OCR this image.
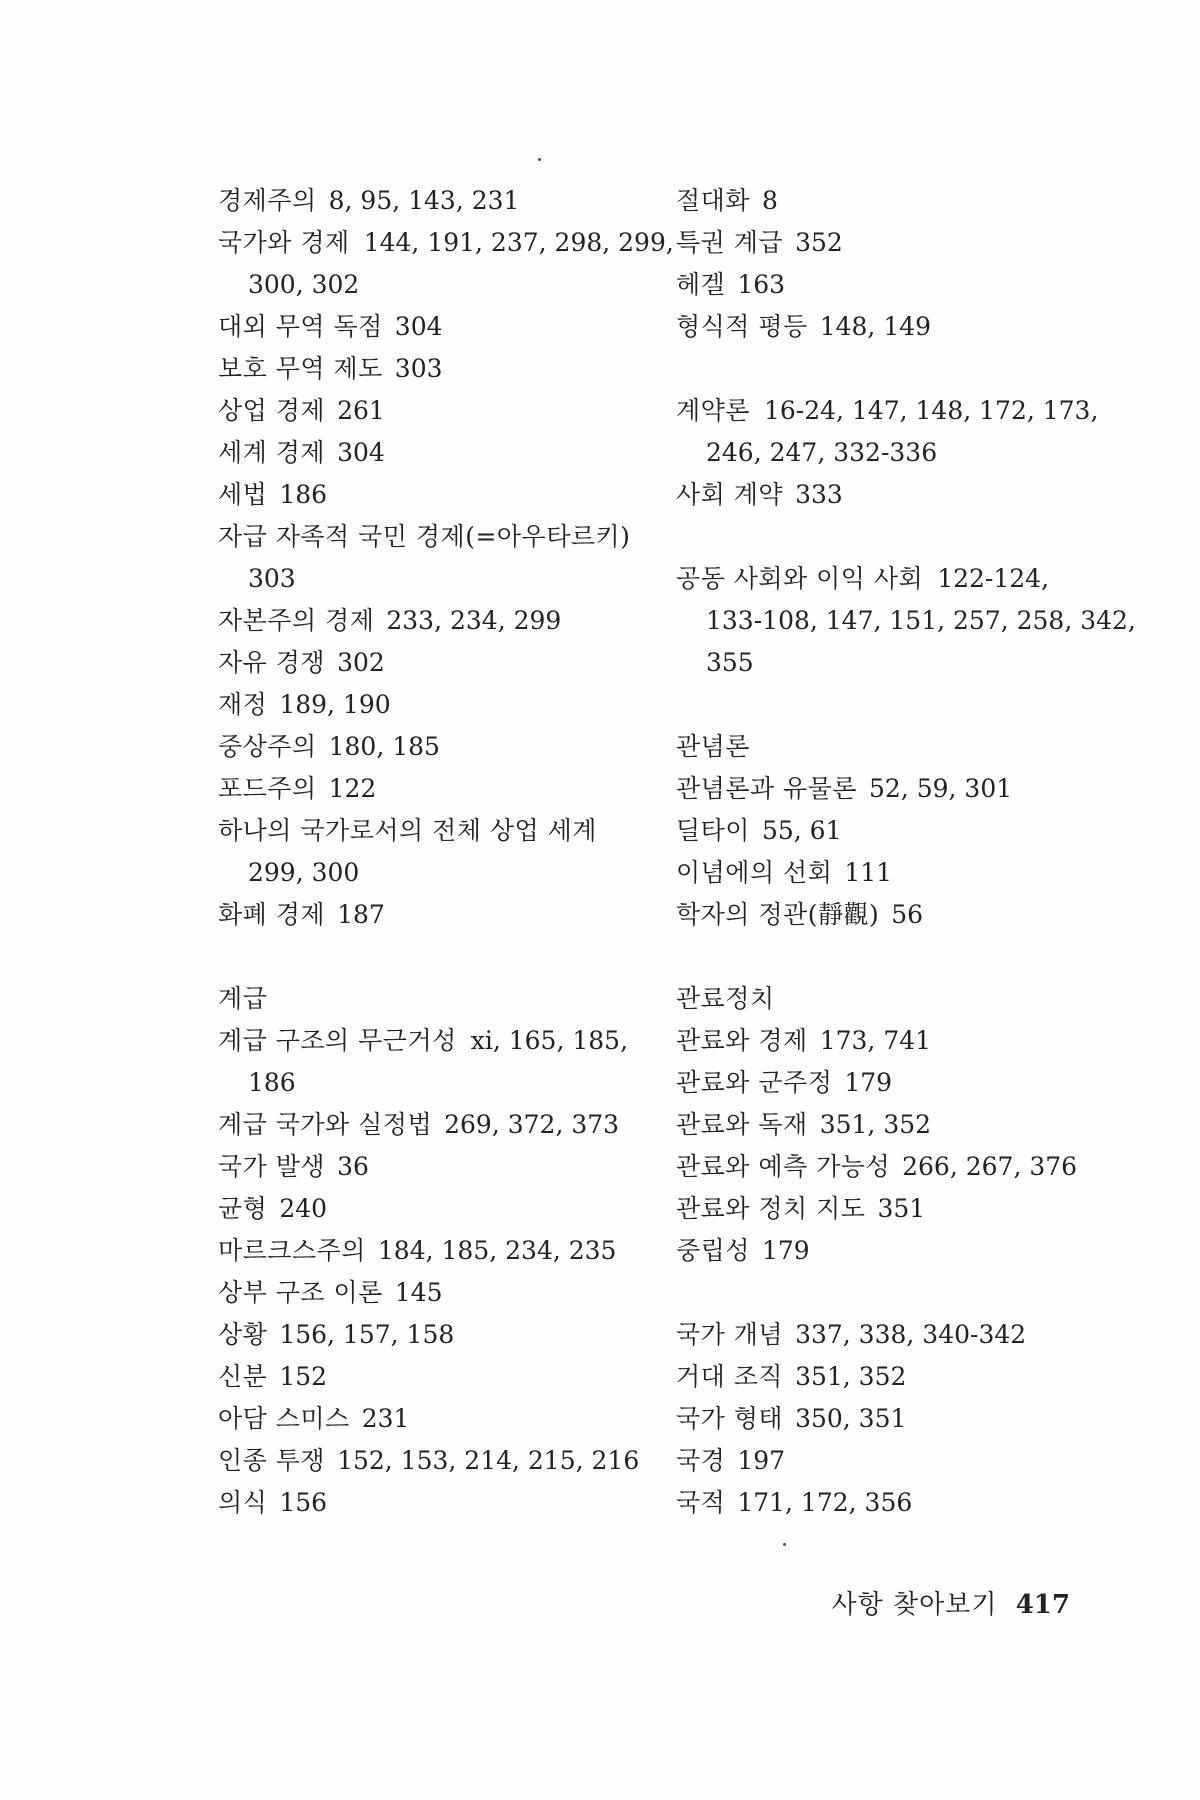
경제주의 8, 95, 143, 231
국가와 경제 144, 191, 237, 298, 299,
300, 302
대외 무역 독점 304
보호 무역 제도 303
상업 경제 261
세계 경제 304
세법 186
자급 자족적 국민 경제(=아우타르키)
303
자본주의 경제 233, 234, 299
자유 경쟁 302
재정 189, 190
중상주의 180, 185
포드주의 122
하나의 국가로서의 전체 상업 세계
299, 300
화폐 경제 187
계급
계급 구조의 무근거성 xi, 165, 185,
186
계급 국가와 실정법 269, 372, 373
국가 발생 36
균형 240
마르크스주의 184, 185, 234, 235
상부 구조 이론 145
상황 156, 157, 158
신분 152
아담 스미스 231
인종 투쟁 152, 153, 214, 215, 216
의식 156
절대화 8
특권 계급 352
헤겔 163
형식적 평등 148, 149
계약론 16-24, 147, 148, 172, 173,
246, 247, 332-336
사회 계약 333
공동 사회와 이익 사회 122-124,
133-108, 147, 151, 257, 258, 342,
355
관념론
관념론과 유물론 52, 59, 301
딜타이 55, 61
이념에의 선회 111
학자의 정관(靜觀) 56
관료정치
관료와 경제 173, 741
관료와 군주정 179
관료와 독재 351, 352
관료와 예측 가능성 266, 267, 376
관료와 정치 지도 351
중립성 179
국가 개념 337, 338, 340-342
거대 조직 351, 352
국가 형태 350, 351
국경 197
국적 171, 172, 356
사항 찾아보기 417
